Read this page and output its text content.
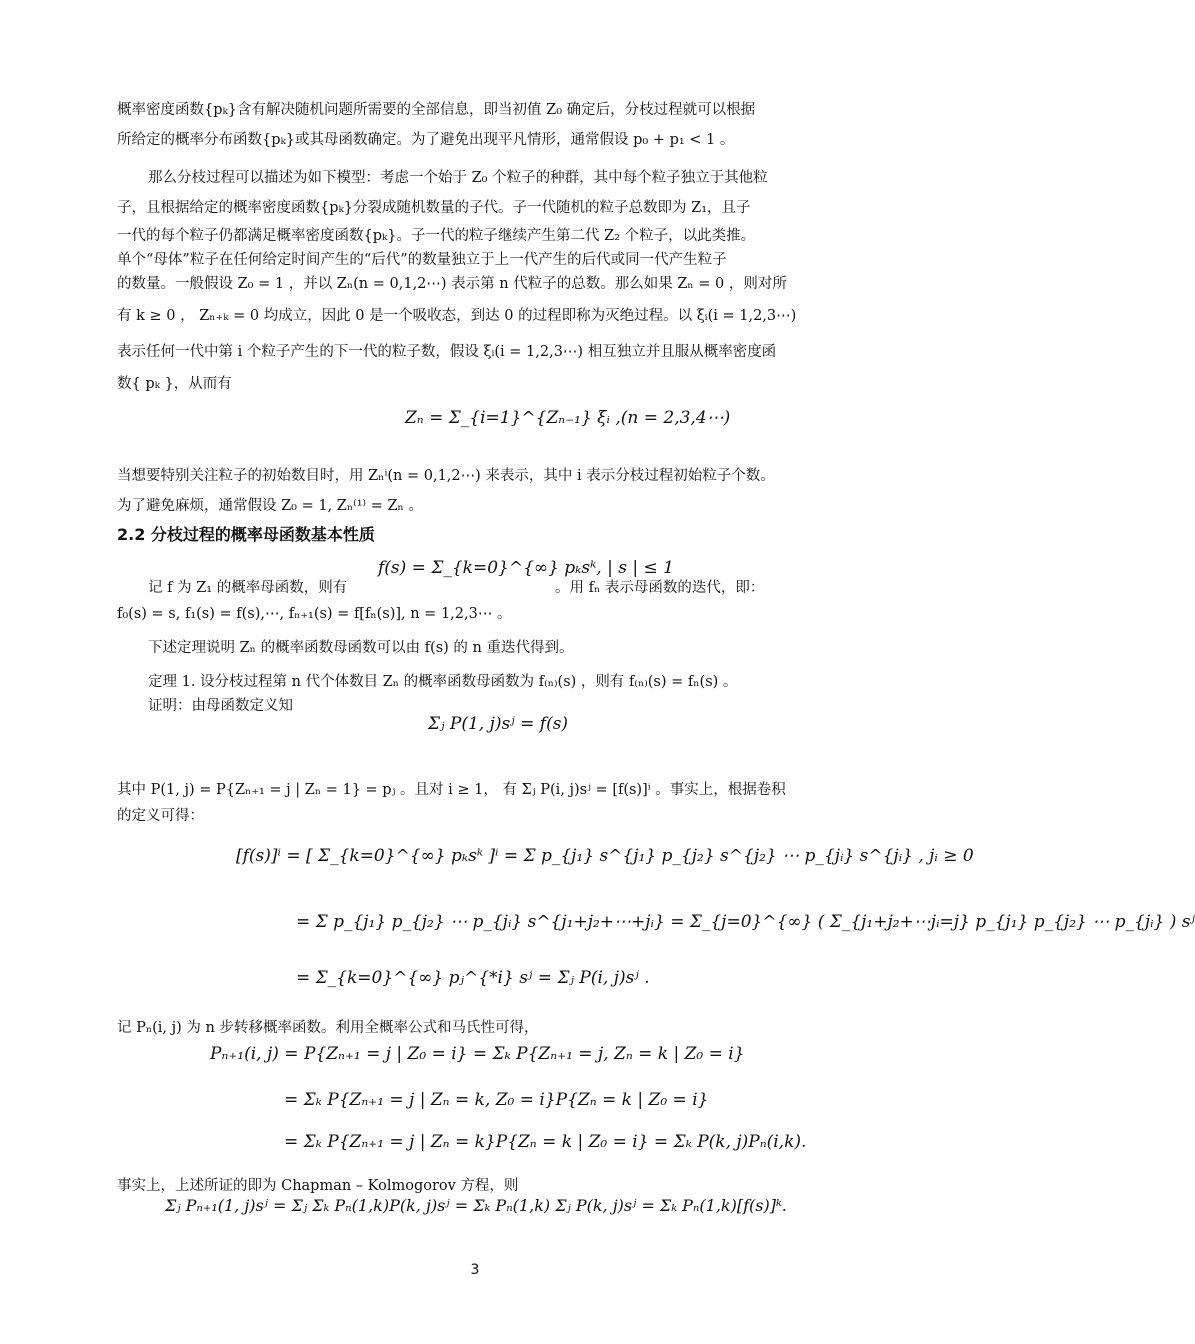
概率密度函数{pₖ}含有解决随机问题所需要的全部信息，即当初值 Z₀ 确定后，分枝过程就可以根据
所给定的概率分布函数{pₖ}或其母函数确定。为了避免出现平凡情形，通常假设 p₀ + p₁ < 1 。
那么分枝过程可以描述为如下模型：考虑一个始于 Z₀ 个粒子的种群，其中每个粒子独立于其他粒
子，且根据给定的概率密度函数{pₖ}分裂成随机数量的子代。子一代随机的粒子总数即为 Z₁，且子
一代的每个粒子仍都满足概率密度函数{pₖ}。子一代的粒子继续产生第二代 Z₂ 个粒子，以此类推。
单个“母体”粒子在任何给定时间产生的“后代”的数量独立于上一代产生的后代或同一代产生粒子
的数量。一般假设 Z₀ = 1 ，并以 Zₙ(n = 0,1,2⋯) 表示第 n 代粒子的总数。那么如果 Zₙ = 0 ，则对所
有 k ≥ 0 ， Zₙ₊ₖ = 0 均成立，因此 0 是一个吸收态，到达 0 的过程即称为灭绝过程。以 ξᵢ(i = 1,2,3⋯)
表示任何一代中第 i 个粒子产生的下一代的粒子数，假设 ξᵢ(i = 1,2,3⋯) 相互独立并且服从概率密度函
数{ pₖ }，从而有
Zₙ = Σ_{i=1}^{Zₙ₋₁} ξᵢ ,(n = 2,3,4⋯)
当想要特别关注粒子的初始数目时，用 Zₙⁱ(n = 0,1,2⋯) 来表示，其中 i 表示分枝过程初始粒子个数。
为了避免麻烦，通常假设 Z₀ = 1, Zₙ⁽¹⁾ = Zₙ 。
2.2 分枝过程的概率母函数基本性质
记 f 为 Z₁ 的概率母函数，则有
f(s) = Σ_{k=0}^{∞} pₖsᵏ, | s | ≤ 1
。用 fₙ 表示母函数的迭代，即：
f₀(s) = s, f₁(s) = f(s),⋯, fₙ₊₁(s) = f[fₙ(s)], n = 1,2,3⋯ 。
下述定理说明 Zₙ 的概率函数母函数可以由 f(s) 的 n 重迭代得到。
定理 1. 设分枝过程第 n 代个体数目 Zₙ 的概率函数母函数为 f₍ₙ₎(s) ，则有 f₍ₙ₎(s) = fₙ(s) 。
证明：由母函数定义知
Σⱼ P(1, j)sʲ = f(s)
其中 P(1, j) = P{Zₙ₊₁ = j | Zₙ = 1} = pⱼ 。且对 i ≥ 1， 有 Σⱼ P(i, j)sʲ = [f(s)]ⁱ 。事实上，根据卷积
的定义可得：
[f(s)]ⁱ = [ Σ_{k=0}^{∞} pₖsᵏ ]ⁱ = Σ p_{j₁} s^{j₁} p_{j₂} s^{j₂} ⋯ p_{jᵢ} s^{jᵢ} , jᵢ ≥ 0
= Σ p_{j₁} p_{j₂} ⋯ p_{jᵢ} s^{j₁+j₂+⋯+jᵢ} = Σ_{j=0}^{∞} ( Σ_{j₁+j₂+⋯jᵢ=j} p_{j₁} p_{j₂} ⋯ p_{jᵢ} ) sʲ
= Σ_{k=0}^{∞} pⱼ^{*i} sʲ = Σⱼ P(i, j)sʲ .
记 Pₙ(i, j) 为 n 步转移概率函数。利用全概率公式和马氏性可得，
Pₙ₊₁(i, j) = P{Zₙ₊₁ = j | Z₀ = i} = Σₖ P{Zₙ₊₁ = j, Zₙ = k | Z₀ = i}
= Σₖ P{Zₙ₊₁ = j | Zₙ = k, Z₀ = i}P{Zₙ = k | Z₀ = i}
= Σₖ P{Zₙ₊₁ = j | Zₙ = k}P{Zₙ = k | Z₀ = i} = Σₖ P(k, j)Pₙ(i,k).
事实上，上述所证的即为 Chapman – Kolmogorov 方程，则
Σⱼ Pₙ₊₁(1, j)sʲ = Σⱼ Σₖ Pₙ(1,k)P(k, j)sʲ = Σₖ Pₙ(1,k) Σⱼ P(k, j)sʲ = Σₖ Pₙ(1,k)[f(s)]ᵏ.
3
